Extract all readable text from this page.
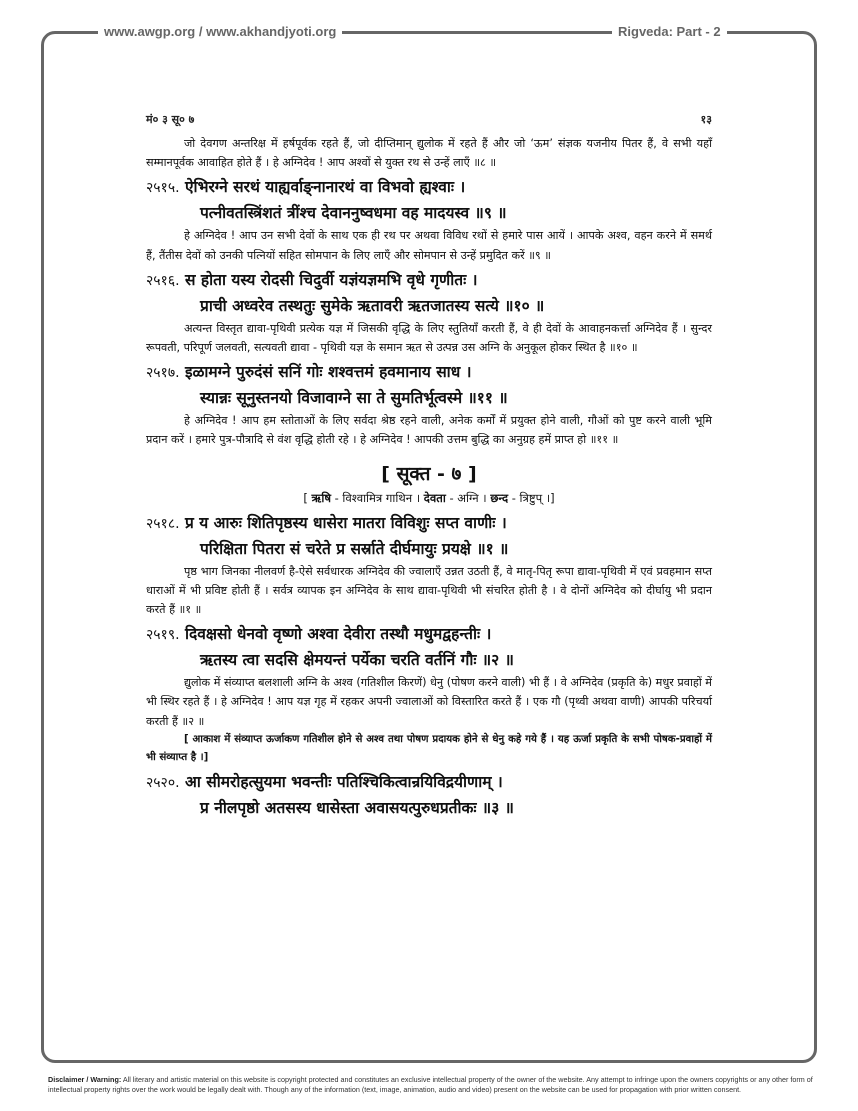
www.awgp.org / www.akhandjyoti.org	Rigveda: Part - 2
मं० ३ सू० ७	१३

जो देवगण अन्तरिक्ष में हर्षपूर्वक रहते हैं, जो दीप्तिमान् द्युलोक में रहते हैं और जो ‘ऊम’ संज्ञक यजनीय पितर हैं, वे सभी यहाँ सम्मानपूर्वक आवाहित होते हैं । हे अग्निदेव ! आप अश्वों से युक्त रथ से उन्हें लाएँ ॥८ ॥

२५१५. ऐभिरग्ने सरथं याह्यर्वाङ्नानारथं वा विभवो ह्यश्वाः ।
पत्नीवतस्त्रिंशतं त्रींश्च देवाननुष्वधमा वह मादयस्व ॥९ ॥

हे अग्निदेव ! आप उन सभी देवों के साथ एक ही रथ पर अथवा विविध रथों से हमारे पास आयें । आपके अश्व, वहन करने में समर्थ हैं, तैंतीस देवों को उनकी पत्नियों सहित सोमपान के लिए लाएँ और सोमपान से उन्हें प्रमुदित करें ॥९ ॥

२५१६. स होता यस्य रोदसी चिदुर्वी यज्ञंयज्ञमभि वृधे गृणीतः ।
प्राची अध्वरेव तस्थतुः सुमेके ऋतावरी ऋतजातस्य सत्ये ॥१० ॥

अत्यन्त विस्तृत द्यावा-पृथिवी प्रत्येक यज्ञ में जिसकी वृद्धि के लिए स्तुतियाँ करती हैं, वे ही देवों के आवाहनकर्त्ता अग्निदेव हैं । सुन्दर रूपवती, परिपूर्ण जलवती, सत्यवती द्यावा - पृथिवी यज्ञ के समान ऋत से उत्पन्न उस अग्नि के अनुकूल होकर स्थित है ॥१० ॥

२५१७. इळामग्ने पुरुदंसं सनिं गोः शश्वत्तमं हवमानाय साध ।
स्यान्नः सूनुस्तनयो विजावाग्ने सा ते सुमतिर्भूत्वस्मे ॥११ ॥

हे अग्निदेव ! आप हम स्तोताओं के लिए सर्वदा श्रेष्ठ रहने वाली, अनेक कर्मों में प्रयुक्त होने वाली, गौओं को पुष्ट करने वाली भूमि प्रदान करें । हमारे पुत्र-पौत्रादि से वंश वृद्धि होती रहे । हे अग्निदेव ! आपकी उत्तम बुद्धि का अनुग्रह हमें प्राप्त हो ॥११ ॥

[ सूक्त - ७ ]
[ ऋषि - विश्वामित्र गाथिन । देवता - अग्नि । छन्द - त्रिष्टुप् ।]
२५१८. प्र य आरुः शितिपृष्ठस्य धासेरा मातरा विविशुः सप्त वाणीः ।
परिक्षिता पितरा सं चरेते प्र सर्स्राते दीर्घमायुः प्रयक्षे ॥१ ॥

पृष्ठ भाग जिनका नीलवर्ण है-ऐसे सर्वधारक अग्निदेव की ज्वालाएँ उन्नत उठती हैं, वे मातृ-पितृ रूपा द्यावा-पृथिवी में एवं प्रवहमान सप्त धाराओं में भी प्रविष्ट होती हैं । सर्वत्र व्यापक इन अग्निदेव के साथ द्यावा-पृथिवी भी संचरित होती है । वे दोनों अग्निदेव को दीर्घायु भी प्रदान करते हैं ॥१ ॥

२५१९. दिवक्षसो धेनवो वृष्णो अश्वा देवीरा तस्थौ मधुमद्वहन्तीः ।
ऋतस्य त्वा सदसि क्षेमयन्तं पर्येका चरति वर्तनिं गौः ॥२ ॥

द्युलोक में संव्याप्त बलशाली अग्नि के अश्व (गतिशील किरणें) धेनु (पोषण करने वाली) भी हैं । वे अग्निदेव (प्रकृति के) मधुर प्रवाहों में भी स्थिर रहते हैं । हे अग्निदेव ! आप यज्ञ गृह में रहकर अपनी ज्वालाओं को विस्तारित करते हैं । एक गौ (पृथ्वी अथवा वाणी) आपकी परिचर्या करती हैं ॥२ ॥

[ आकाश में संव्याप्त ऊर्जाकण गतिशील होने से अश्व तथा पोषण प्रदायक होने से धेनु कहे गये हैं । यह ऊर्जा प्रकृति के सभी पोषक-प्रवाहों में भी संव्याप्त है ।]

२५२०. आ सीमरोहत्सुयमा भवन्तीः पतिश्चिकित्वान्रयिविद्रयीणाम् ।
प्र नीलपृष्ठो अतसस्य धासेस्ता अवासयत्पुरुधप्रतीकः ॥३ ॥
Disclaimer / Warning: All literary and artistic material on this website is copyright protected and constitutes an exclusive intellectual property of the owner of the website. Any attempt to infringe upon the owners copyrights or any other form of intellectual property rights over the work would be legally dealt with. Though any of the information (text, image, animation, audio and video) present on the website can be used for propagation with prior written consent.
